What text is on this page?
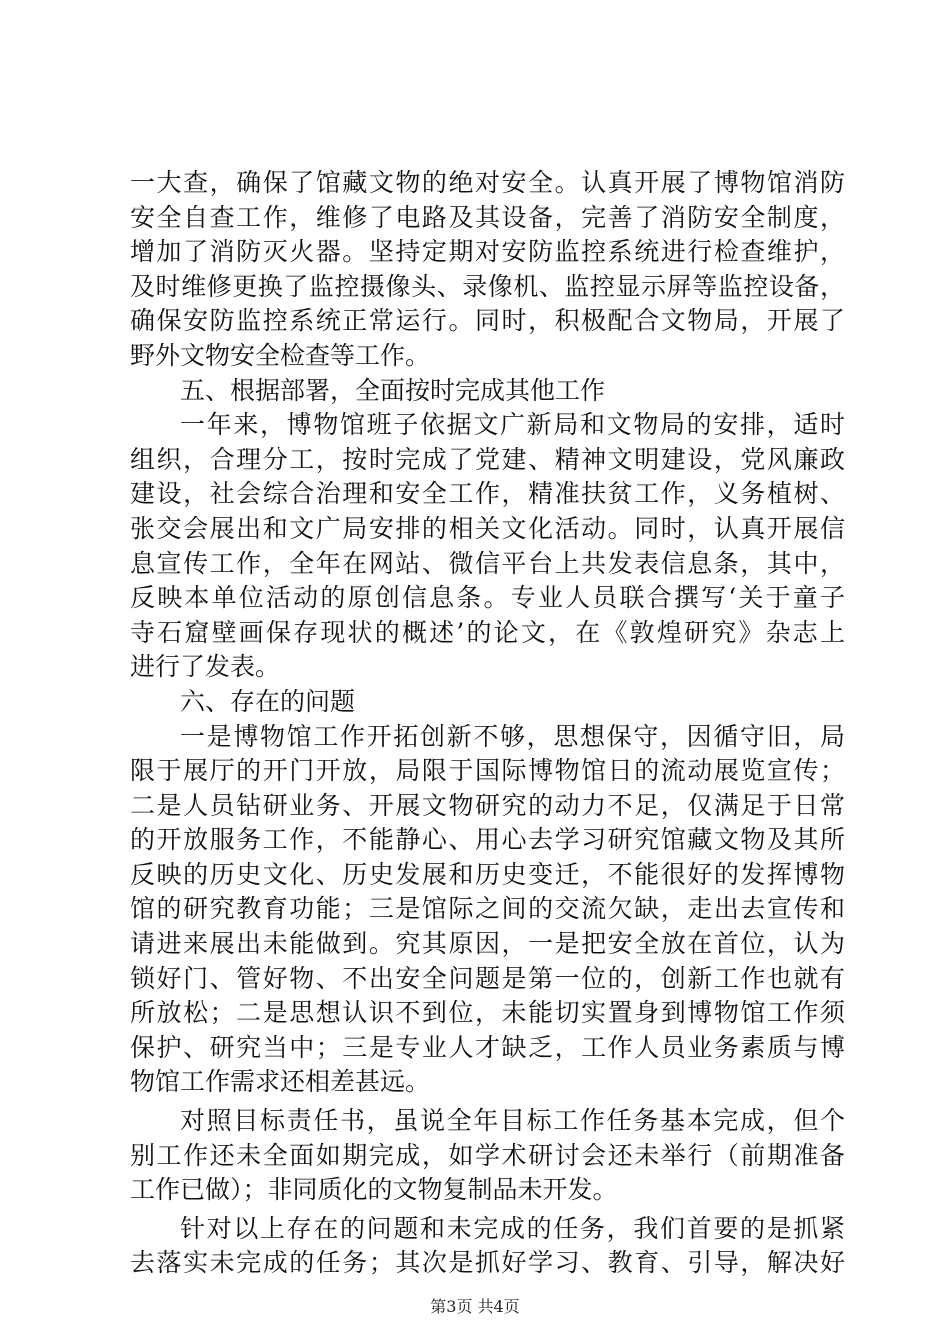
一大查，确保了馆藏文物的绝对安全。认真开展了博物馆消防
安全自查工作，维修了电路及其设备，完善了消防安全制度，
增加了消防灭火器。坚持定期对安防监控系统进行检查维护，
及时维修更换了监控摄像头、录像机、监控显示屏等监控设备，
确保安防监控系统正常运行。同时，积极配合文物局，开展了
野外文物安全检查等工作。
五、根据部署，全面按时完成其他工作
一年来，博物馆班子依据文广新局和文物局的安排，适时
组织，合理分工，按时完成了党建、精神文明建设，党风廉政
建设，社会综合治理和安全工作，精准扶贫工作，义务植树、
张交会展出和文广局安排的相关文化活动。同时，认真开展信
息宣传工作，全年在网站、微信平台上共发表信息条，其中，
反映本单位活动的原创信息条。专业人员联合撰写‘关于童子
寺石窟壁画保存现状的概述’的论文，在《敦煌研究》杂志上
进行了发表。
六、存在的问题
一是博物馆工作开拓创新不够，思想保守，因循守旧，局
限于展厅的开门开放，局限于国际博物馆日的流动展览宣传；
二是人员钻研业务、开展文物研究的动力不足，仅满足于日常
的开放服务工作，不能静心、用心去学习研究馆藏文物及其所
反映的历史文化、历史发展和历史变迁，不能很好的发挥博物
馆的研究教育功能；三是馆际之间的交流欠缺，走出去宣传和
请进来展出未能做到。究其原因，一是把安全放在首位，认为
锁好门、管好物、不出安全问题是第一位的，创新工作也就有
所放松；二是思想认识不到位，未能切实置身到博物馆工作须
保护、研究当中；三是专业人才缺乏，工作人员业务素质与博
物馆工作需求还相差甚远。
对照目标责任书，虽说全年目标工作任务基本完成，但个
别工作还未全面如期完成，如学术研讨会还未举行（前期准备
工作已做）；非同质化的文物复制品未开发。
针对以上存在的问题和未完成的任务，我们首要的是抓紧
去落实未完成的任务；其次是抓好学习、教育、引导，解决好
第3页 共4页
